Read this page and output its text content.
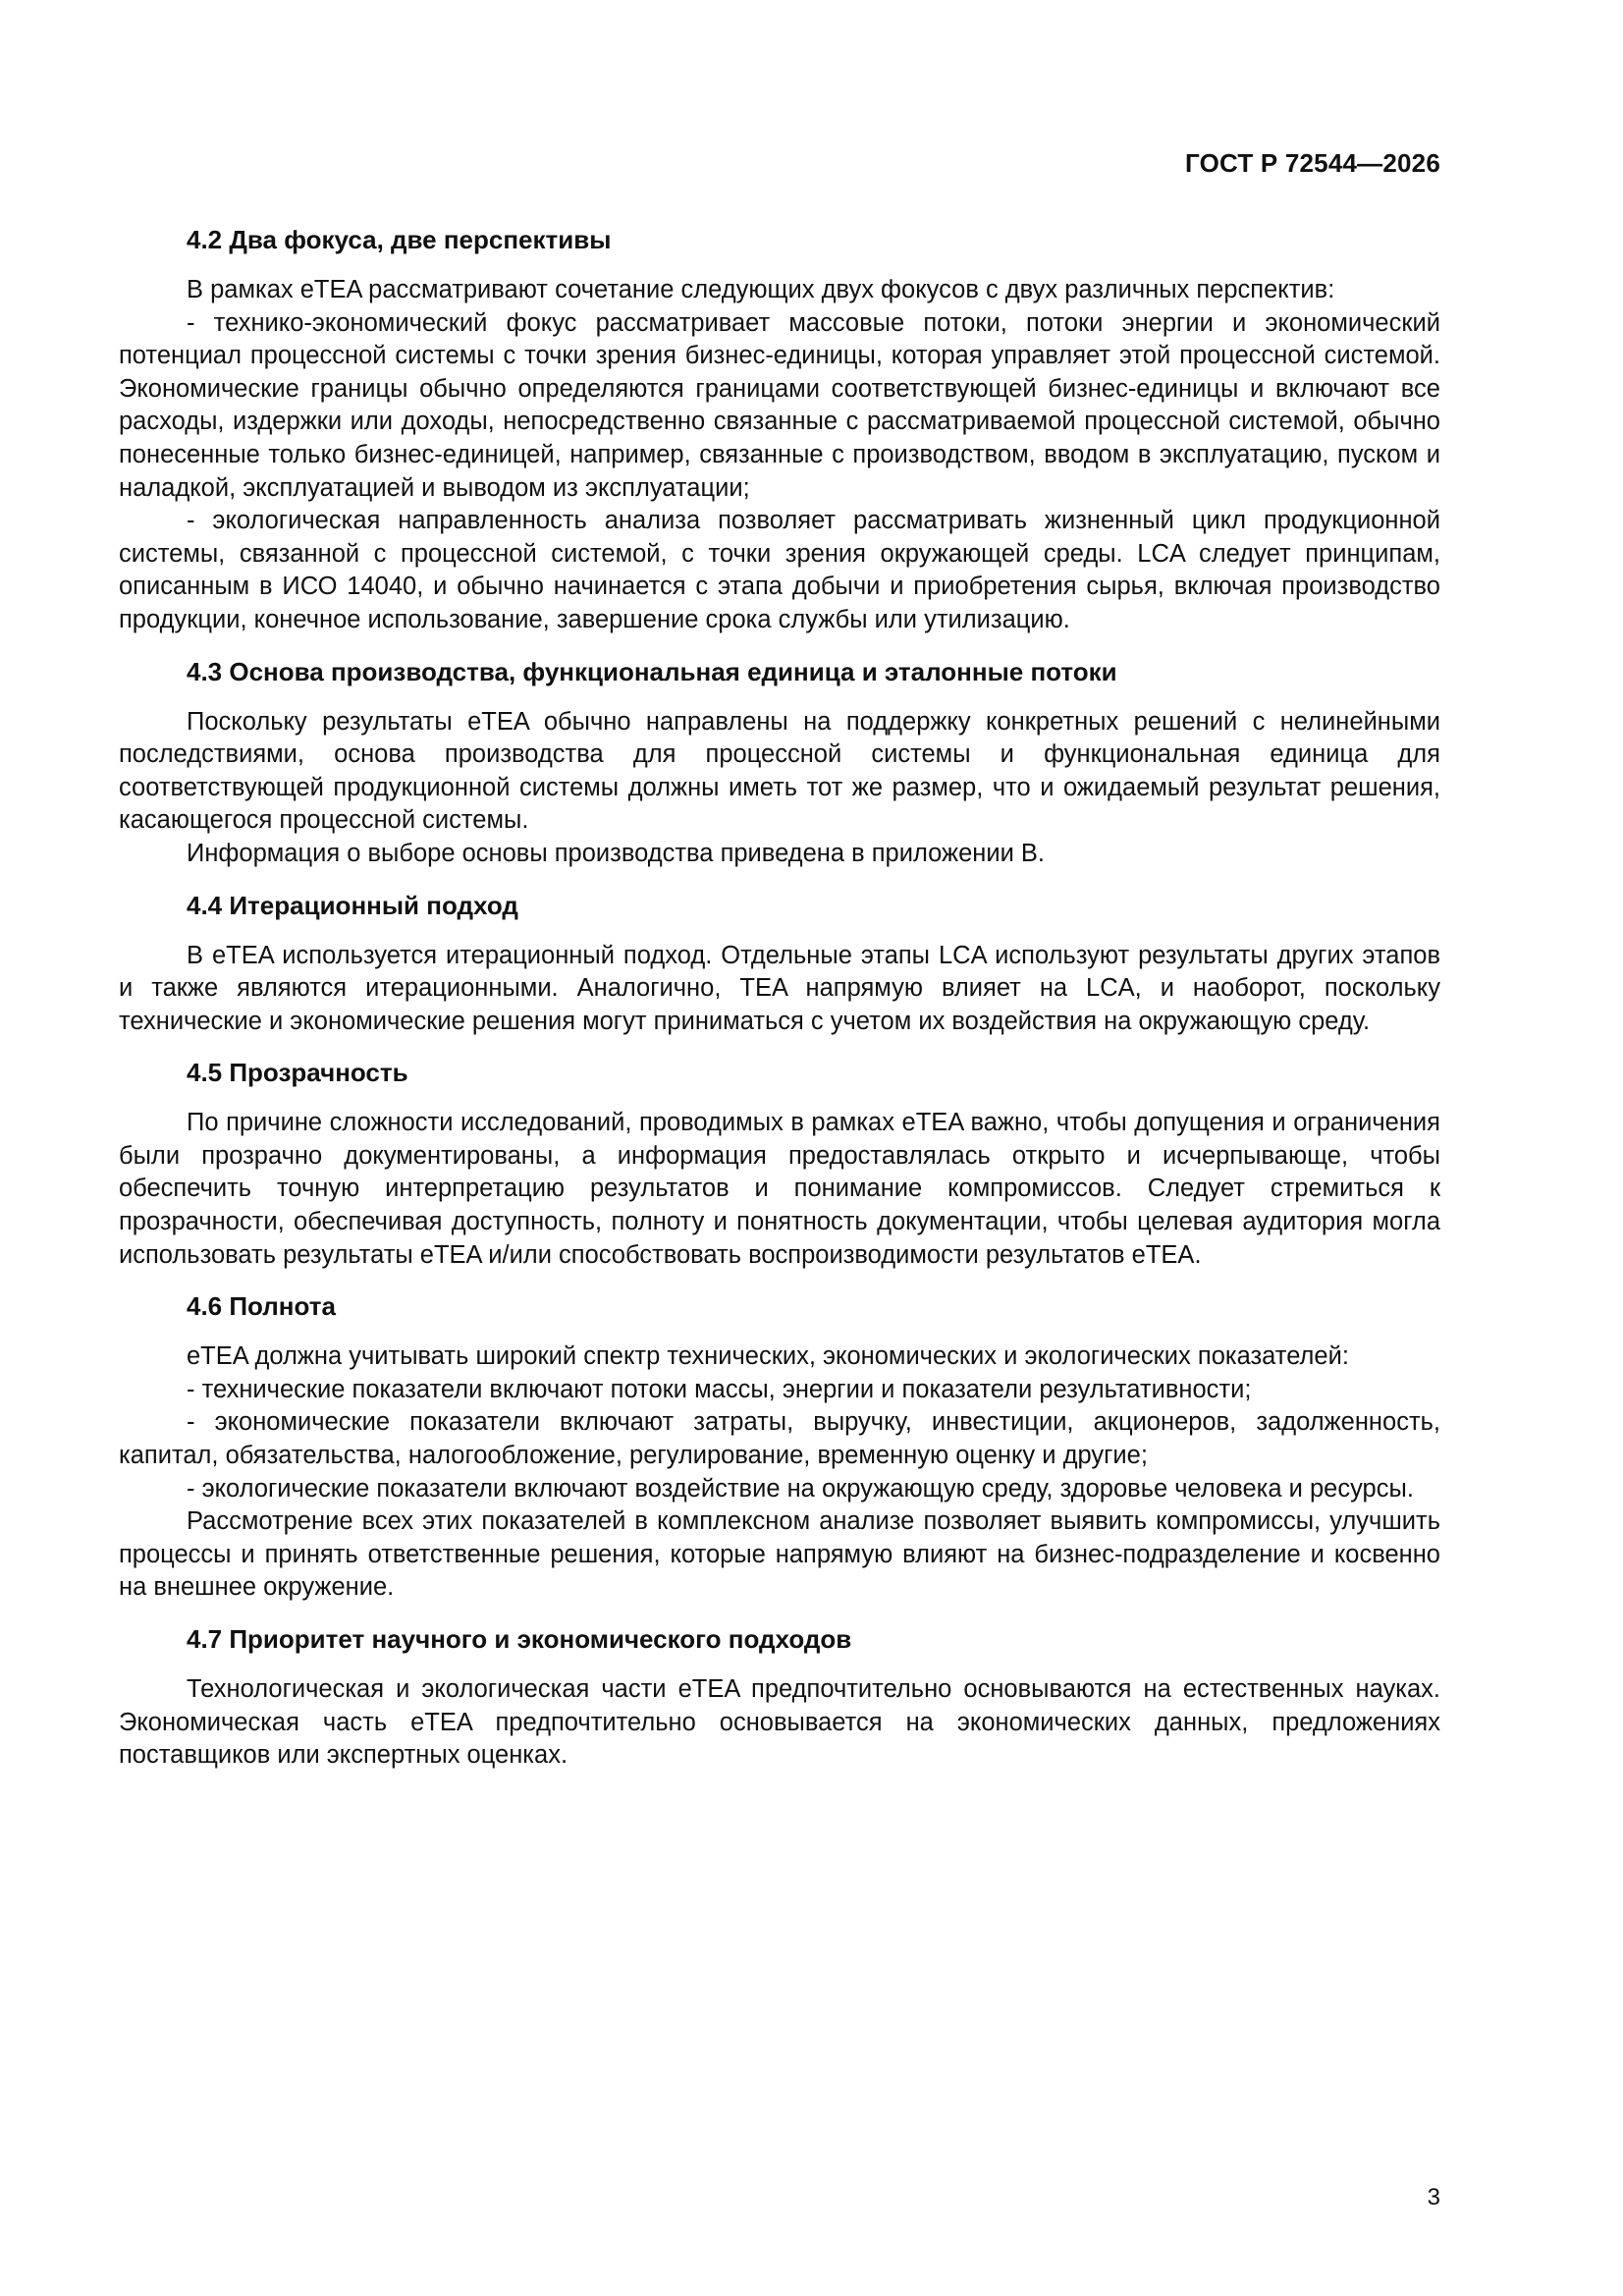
ГОСТ Р 72544—2026
4.2 Два фокуса, две перспективы

В рамках eTEA рассматривают сочетание следующих двух фокусов с двух различных перспектив:

- технико-экономический фокус рассматривает массовые потоки, потоки энергии и экономический потенциал процессной системы с точки зрения бизнес-единицы, которая управляет этой процессной системой. Экономические границы обычно определяются границами соответствующей бизнес-единицы и включают все расходы, издержки или доходы, непосредственно связанные с рассматриваемой процессной системой, обычно понесенные только бизнес-единицей, например, связанные с производством, вводом в эксплуатацию, пуском и наладкой, эксплуатацией и выводом из эксплуатации;

- экологическая направленность анализа позволяет рассматривать жизненный цикл продукционной системы, связанной с процессной системой, с точки зрения окружающей среды. LCA следует принципам, описанным в ИСО 14040, и обычно начинается с этапа добычи и приобретения сырья, включая производство продукции, конечное использование, завершение срока службы или утилизацию.

4.3 Основа производства, функциональная единица и эталонные потоки

Поскольку результаты eTEA обычно направлены на поддержку конкретных решений с нелинейными последствиями, основа производства для процессной системы и функциональная единица для соответствующей продукционной системы должны иметь тот же размер, что и ожидаемый результат решения, касающегося процессной системы.

Информация о выборе основы производства приведена в приложении В.

4.4 Итерационный подход

В eTEA используется итерационный подход. Отдельные этапы LCA используют результаты других этапов и также являются итерационными. Аналогично, TEA напрямую влияет на LCA, и наоборот, поскольку технические и экономические решения могут приниматься с учетом их воздействия на окружающую среду.

4.5 Прозрачность

По причине сложности исследований, проводимых в рамках eTEA важно, чтобы допущения и ограничения были прозрачно документированы, а информация предоставлялась открыто и исчерпывающе, чтобы обеспечить точную интерпретацию результатов и понимание компромиссов. Следует стремиться к прозрачности, обеспечивая доступность, полноту и понятность документации, чтобы целевая аудитория могла использовать результаты eTEA и/или способствовать воспроизводимости результатов eTEA.

4.6 Полнота

eTEA должна учитывать широкий спектр технических, экономических и экологических показателей:

- технические показатели включают потоки массы, энергии и показатели результативности;

- экономические показатели включают затраты, выручку, инвестиции, акционеров, задолженность, капитал, обязательства, налогообложение, регулирование, временную оценку и другие;

- экологические показатели включают воздействие на окружающую среду, здоровье человека и ресурсы.

Рассмотрение всех этих показателей в комплексном анализе позволяет выявить компромиссы, улучшить процессы и принять ответственные решения, которые напрямую влияют на бизнес-подразделение и косвенно на внешнее окружение.

4.7 Приоритет научного и экономического подходов

Технологическая и экологическая части eTEA предпочтительно основываются на естественных науках. Экономическая часть eTEA предпочтительно основывается на экономических данных, предложениях поставщиков или экспертных оценках.

3
